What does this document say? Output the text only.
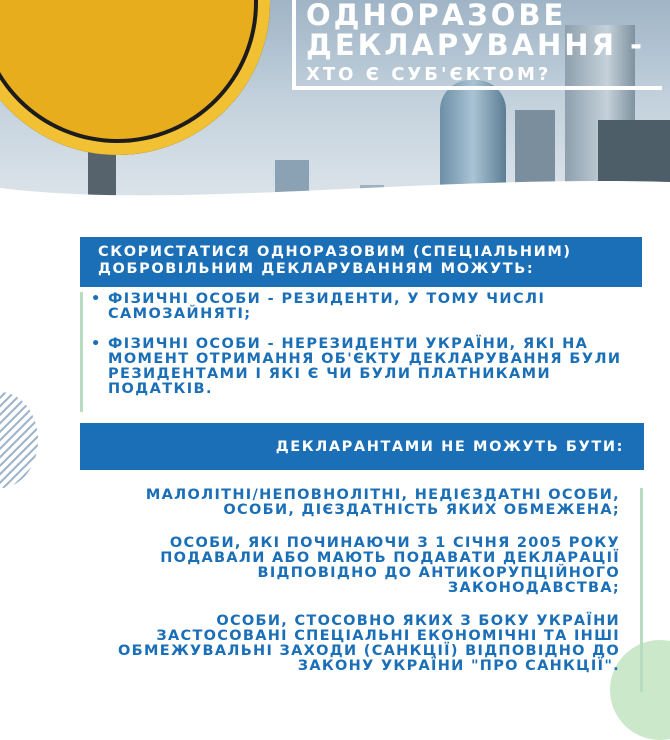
ОДНОРАЗОВЕ
ДЕКЛАРУВАННЯ -
ХТО Є СУБ'ЄКТОМ?
СКОРИСТАТИСЯ ОДНОРАЗОВИМ (СПЕЦІАЛЬНИМ) ДОБРОВІЛЬНИМ ДЕКЛАРУВАННЯМ МОЖУТЬ:
• ФІЗИЧНІ ОСОБИ - РЕЗИДЕНТИ, У ТОМУ ЧИСЛІ САМОЗАЙНЯТІ;
• ФІЗИЧНІ ОСОБИ - НЕРЕЗИДЕНТИ УКРАЇНИ, ЯКІ НА МОМЕНТ ОТРИМАННЯ ОБ'ЄКТУ ДЕКЛАРУВАННЯ БУЛИ РЕЗИДЕНТАМИ І ЯКІ Є ЧИ БУЛИ ПЛАТНИКАМИ ПОДАТКІВ.
ДЕКЛАРАНТАМИ НЕ МОЖУТЬ БУТИ:

МАЛОЛІТНІ/НЕПОВНОЛІТНІ, НЕДІЄЗДАТНІ ОСОБИ, ОСОБИ, ДІЄЗДАТНІСТЬ ЯКИХ ОБМЕЖЕНА;

ОСОБИ, ЯКІ ПОЧИНАЮЧИ З 1 СІЧНЯ 2005 РОКУ ПОДАВАЛИ АБО МАЮТЬ ПОДАВАТИ ДЕКЛАРАЦІЇ ВІДПОВІДНО ДО АНТИКОРУПЦІЙНОГО ЗАКОНОДАВСТВА;

ОСОБИ, СТОСОВНО ЯКИХ З БОКУ УКРАЇНИ ЗАСТОСОВАНІ СПЕЦІАЛЬНІ ЕКОНОМІЧНІ ТА ІНШІ ОБМЕЖУВАЛЬНІ ЗАХОДИ (САНКЦІЇ) ВІДПОВІДНО ДО ЗАКОНУ УКРАЇНИ "ПРО САНКЦІЇ".
